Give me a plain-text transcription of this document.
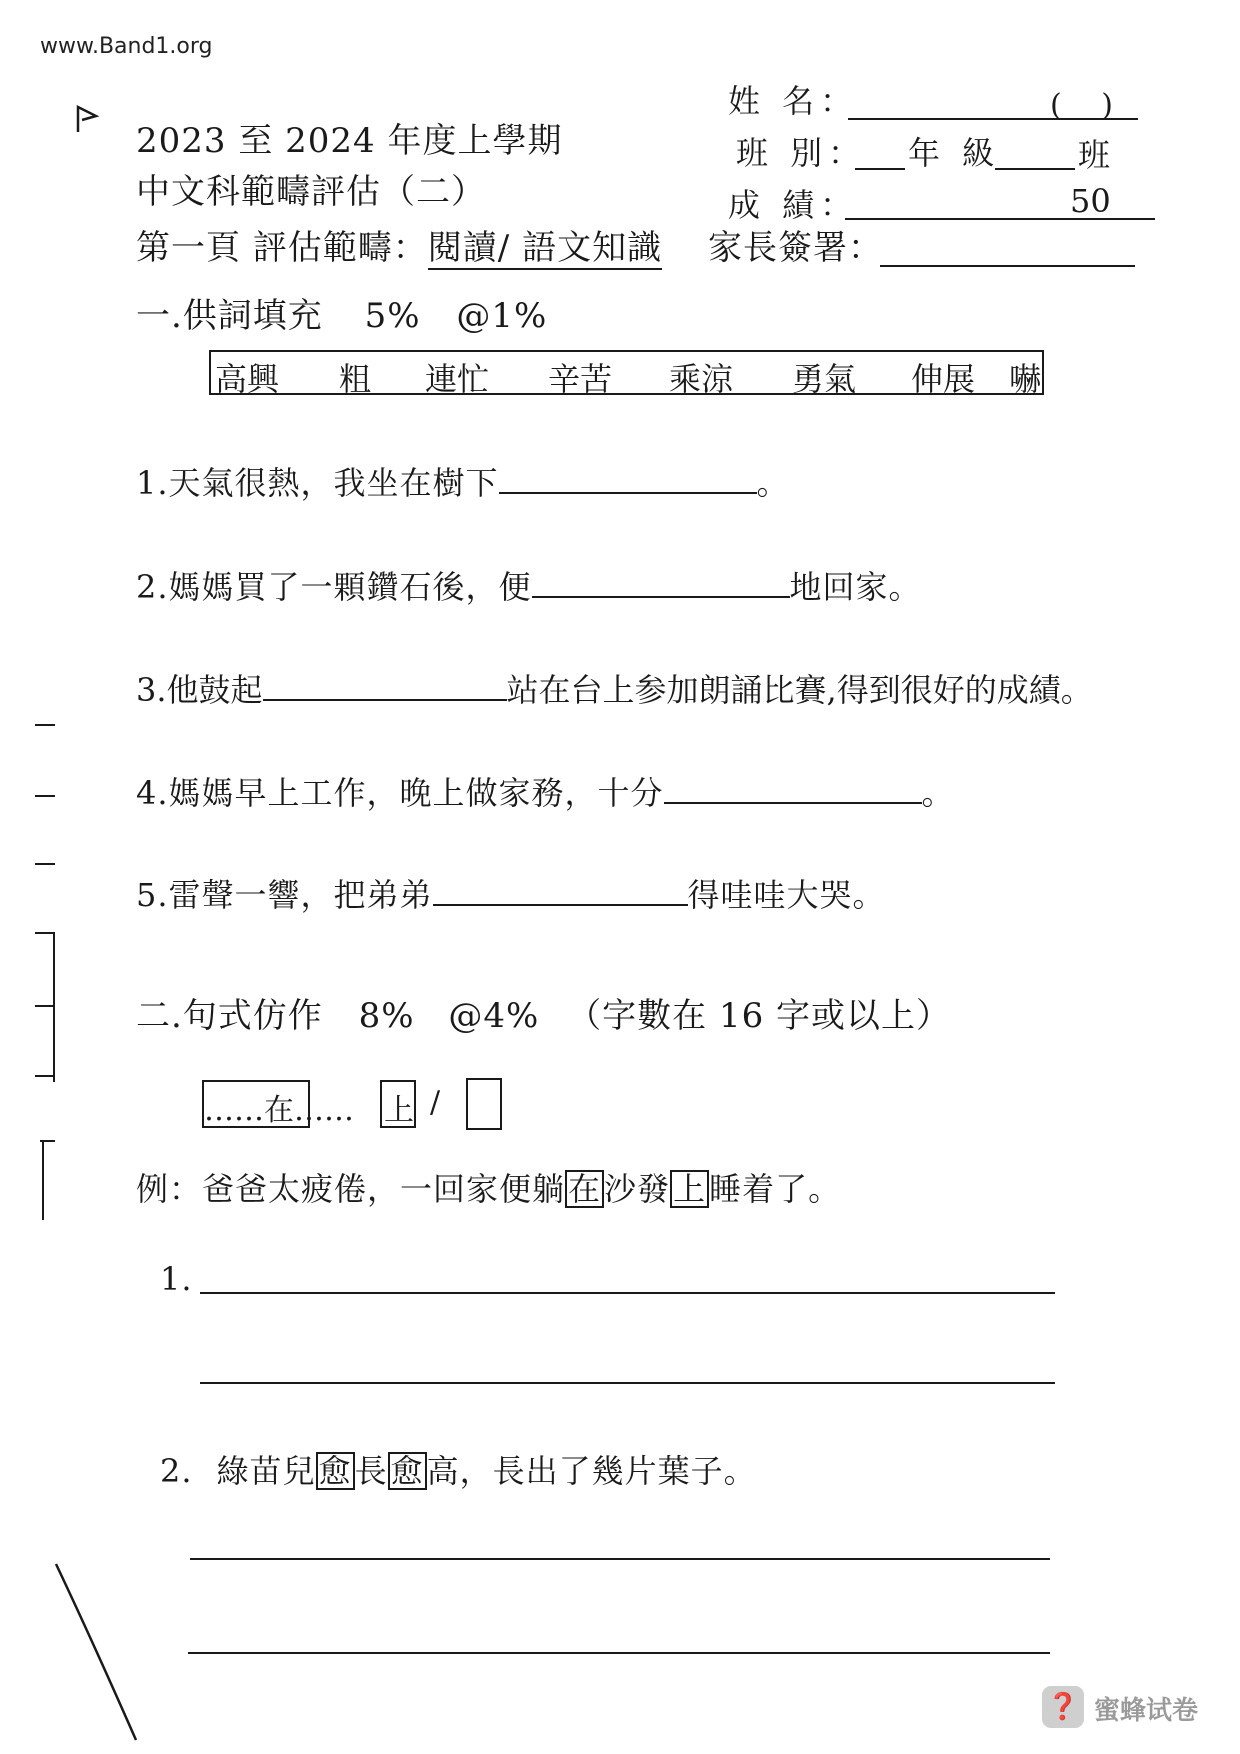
www.Band1.org
2023 至 2024 年度上學期
中文科範疇評估（二）
第一頁 評估範疇：閱讀/ 語文知識 家長簽署：
姓 名：	(　 )
班 別： 年 級 班
成 績：	50
一.供詞填充 5% @1%
高興 粗 連忙 辛苦 乘涼 勇氣 伸展 嚇
1.天氣很熱，我坐在樹下	。
2.媽媽買了一顆鑽石後，便	地回家。
3.他鼓起	站在台上参加朗誦比賽,得到很好的成績。
4.媽媽早上工作，晚上做家務，十分	。
5.雷聲一響，把弟弟	得哇哇大哭。
二.句式仿作 8% @4% （字數在 16 字或以上）
……在…… 上 /
例：爸爸太疲倦，一回家便躺在沙發上睡着了。
1.
2. 綠苗兒愈長愈高，長出了幾片葉子。
❓ 蜜蜂试卷
